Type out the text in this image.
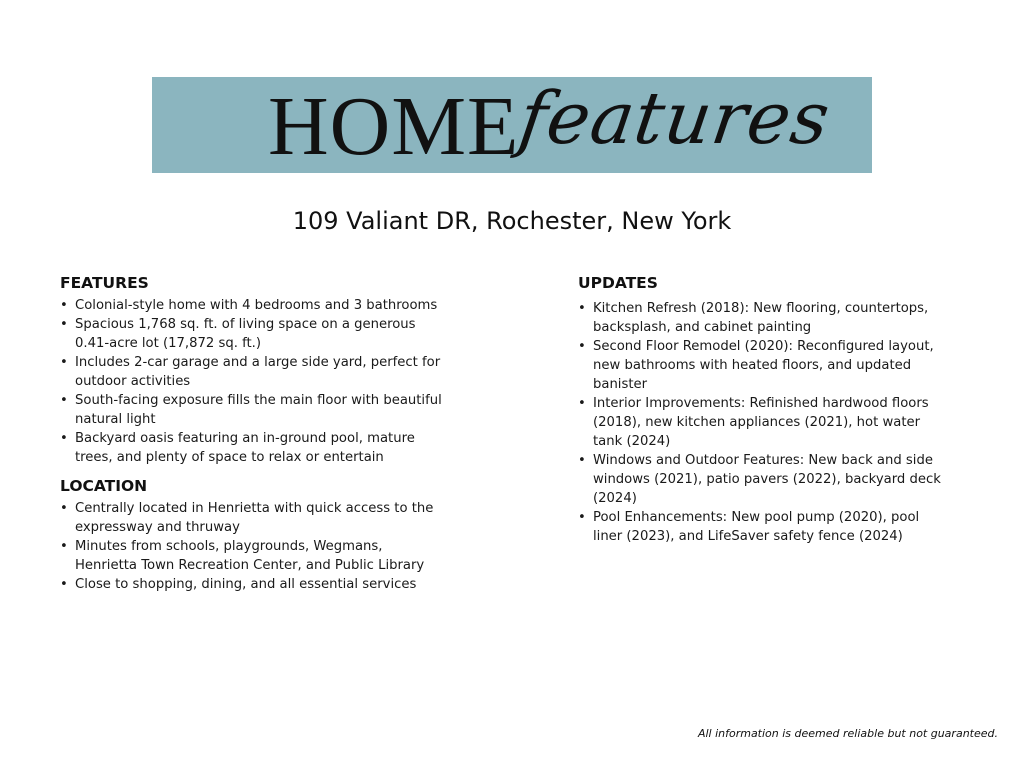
HOME
features
109 Valiant DR, Rochester, New York
FEATURES
• Colonial-style home with 4 bedrooms and 3 bathrooms
• Spacious 1,768 sq. ft. of living space on a generous 0.41-acre lot (17,872 sq. ft.)
• Includes 2-car garage and a large side yard, perfect for outdoor activities
• South-facing exposure fills the main floor with beautiful natural light
• Backyard oasis featuring an in-ground pool, mature trees, and plenty of space to relax or entertain
LOCATION
• Centrally located in Henrietta with quick access to the expressway and thruway
• Minutes from schools, playgrounds, Wegmans, Henrietta Town Recreation Center, and Public Library
• Close to shopping, dining, and all essential services
UPDATES
• Kitchen Refresh (2018): New flooring, countertops, backsplash, and cabinet painting
• Second Floor Remodel (2020): Reconfigured layout, new bathrooms with heated floors, and updated banister
• Interior Improvements: Refinished hardwood floors (2018), new kitchen appliances (2021), hot water tank (2024)
• Windows and Outdoor Features: New back and side windows (2021), patio pavers (2022), backyard deck (2024)
• Pool Enhancements: New pool pump (2020), pool liner (2023), and LifeSaver safety fence (2024)
All information is deemed reliable but not guaranteed.
